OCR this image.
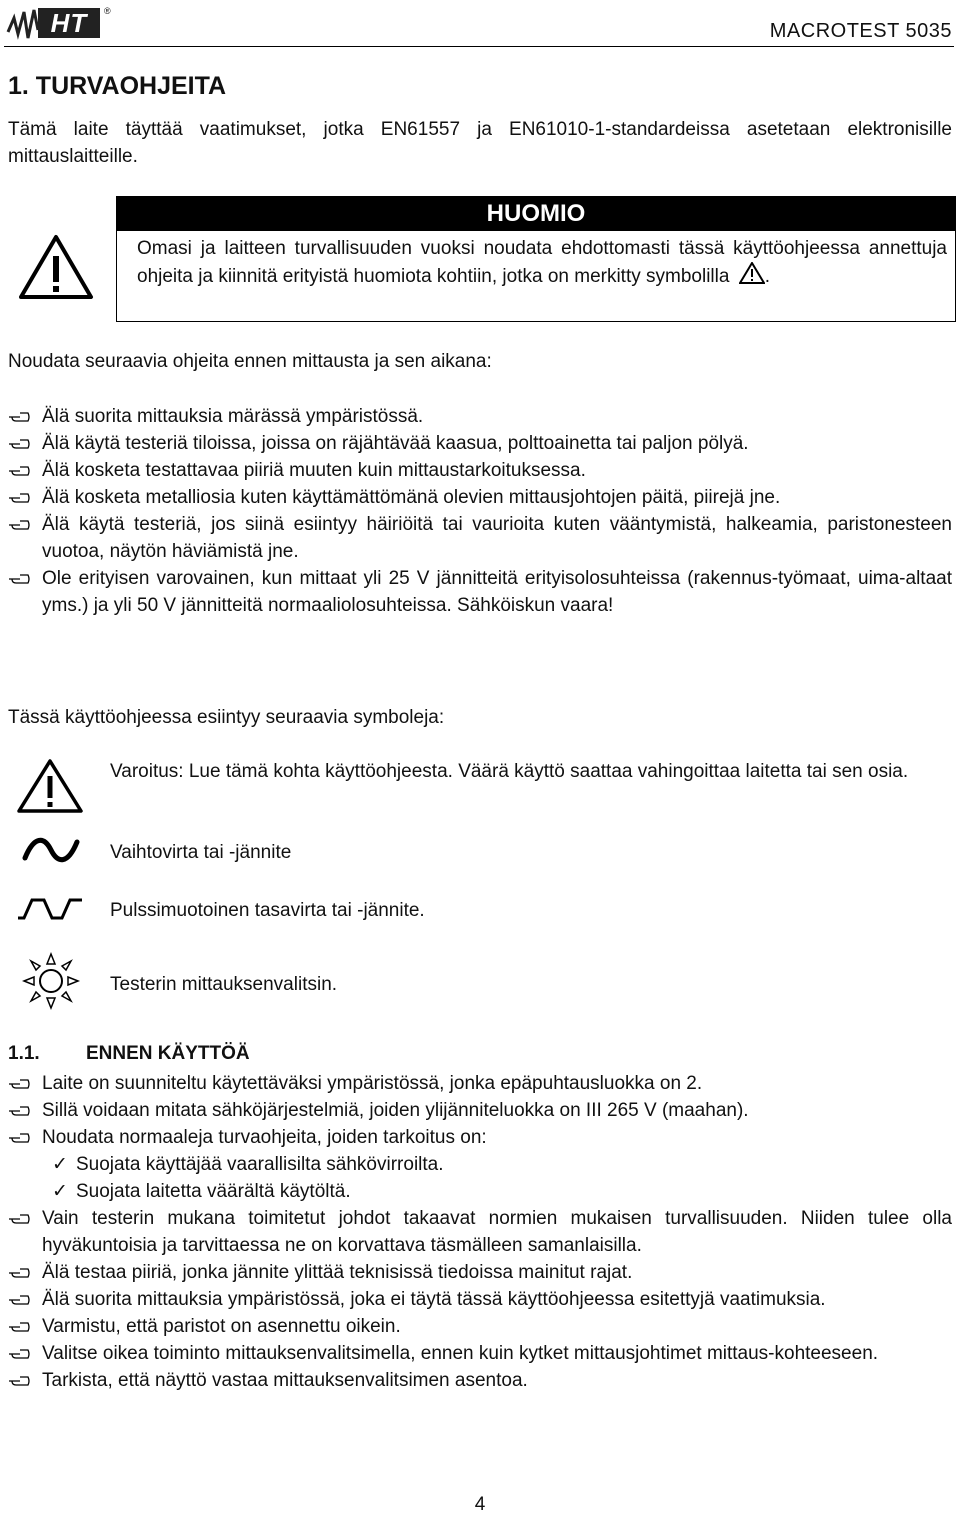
HT	®
MACROTEST 5035
1. TURVAOHJEITA
Tämä laite täyttää vaatimukset, jotka EN61557 ja EN61010-1-standardeissa asetetaan elektronisille mittauslaitteille.
HUOMIO
Omasi ja laitteen turvallisuuden vuoksi noudata ehdottomasti tässä käyttöohjeessa annettuja ohjeita ja kiinnitä erityistä huomiota kohtiin, jotka on merkitty symbolilla .
Noudata seuraavia ohjeita ennen mittausta ja sen aikana:
Älä suorita mittauksia märässä ympäristössä.
Älä käytä testeriä tiloissa, joissa on räjähtävää kaasua, polttoainetta tai paljon pölyä.
Älä kosketa testattavaa piiriä muuten kuin mittaustarkoituksessa.
Älä kosketa metalliosia kuten käyttämättömänä olevien mittausjohtojen päitä, piirejä jne.
Älä käytä testeriä, jos siinä esiintyy häiriöitä tai vaurioita kuten vääntymistä, halkeamia, paristonesteen vuotoa, näytön häviämistä jne.
Ole erityisen varovainen, kun mittaat yli 25 V jännitteitä erityisolosuhteissa (rakennus-työmaat, uima-altaat yms.) ja yli 50 V jännitteitä normaaliolosuhteissa. Sähköiskun vaara!
Tässä käyttöohjeessa esiintyy seuraavia symboleja:
Varoitus: Lue tämä kohta käyttöohjeesta. Väärä käyttö saattaa vahingoittaa laitetta tai sen osia.
Vaihtovirta tai -jännite
Pulssimuotoinen tasavirta tai -jännite.
Testerin mittauksenvalitsin.
1.1. ENNEN KÄYTTÖÄ
Laite on suunniteltu käytettäväksi ympäristössä, jonka epäpuhtausluokka on 2.
Sillä voidaan mitata sähköjärjestelmiä, joiden ylijänniteluokka on III 265 V (maahan).
Noudata normaaleja turvaohjeita, joiden tarkoitus on:
✓ Suojata käyttäjää vaarallisilta sähkövirroilta.
✓ Suojata laitetta väärältä käytöltä.
Vain testerin mukana toimitetut johdot takaavat normien mukaisen turvallisuuden. Niiden tulee olla hyväkuntoisia ja tarvittaessa ne on korvattava täsmälleen samanlaisilla.
Älä testaa piiriä, jonka jännite ylittää teknisissä tiedoissa mainitut rajat.
Älä suorita mittauksia ympäristössä, joka ei täytä tässä käyttöohjeessa esitettyjä vaatimuksia.
Varmistu, että paristot on asennettu oikein.
Valitse oikea toiminto mittauksenvalitsimella, ennen kuin kytket mittausjohtimet mittaus-kohteeseen.
Tarkista, että näyttö vastaa mittauksenvalitsimen asentoa.
4
